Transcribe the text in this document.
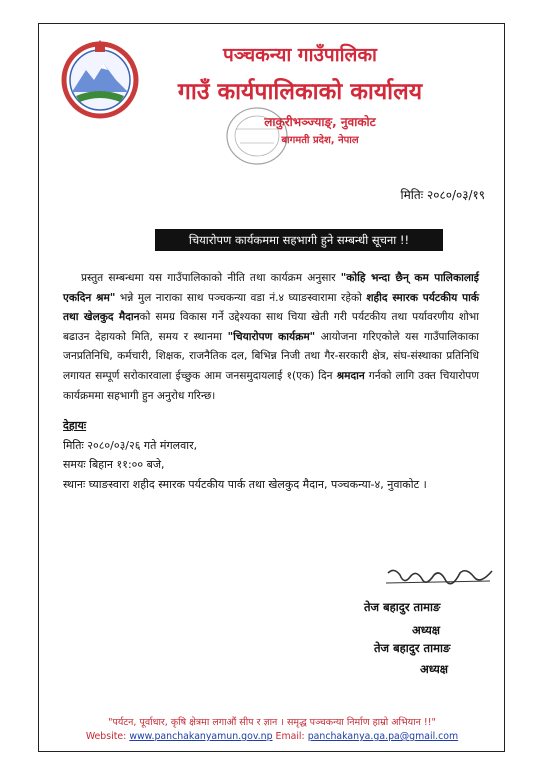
पञ्चकन्या गाउँपालिका
गाउँ कार्यपालिकाको कार्यालय
लाकुरीभञ्ज्याङ्, नुवाकोट
बागमती प्रदेश, नेपाल
मितिः २०८०/०३/१९
चियारोपण कार्यकममा सहभागी हुने सम्बन्धी सूचना !!
प्रस्तुत सम्बन्धमा यस गाउँपालिकाको नीति तथा कार्यक्रम अनुसार "कोहि भन्दा छैन् कम पालिकालाई एकदिन श्रम" भन्ने मुल नाराका साथ पञ्चकन्या वडा नं.४ घ्याङस्वारामा रहेको शहीद स्मारक पर्यटकीय पार्क तथा खेलकुद मैदानको समग्र विकास गर्ने उद्देश्यका साथ चिया खेती गरी पर्यटकीय तथा पर्यावरणीय शोभा बढाउन देहायको मिति, समय र स्थानमा "चियारोपण कार्यक्रम" आयोजना गरिएकोले यस गाउँपालिकाका जनप्रतिनिधि, कर्मचारी, शिक्षक, राजनैतिक दल, बिभिन्न निजी तथा गैर-सरकारी क्षेत्र, संघ-संस्थाका प्रतिनिधि लगायत सम्पूर्ण सरोकारवाला ईच्छुक आम जनसमुदायलाई १(एक) दिन श्रमदान गर्नको लागि उक्त चियारोपण कार्यक्रममा सहभागी हुन अनुरोध गरिन्छ।
देहायः
मितिः २०८०/०३/२६ गते मंगलवार,
समयः बिहान ११:०० बजे,
स्थानः घ्याङस्वारा शहीद स्मारक पर्यटकीय पार्क तथा खेलकुद मैदान, पञ्चकन्या-४, नुवाकोट ।
तेज बहादुर तामाङ
अध्यक्ष
तेज बहादुर तामाङ
अध्यक्ष
"पर्यटन, पूर्वाधार, कृषि क्षेत्रमा लगाऔं सीप र ज्ञान । समृद्ध पञ्चकन्या निर्माण हाम्रो अभियान !!"
Website: www.panchakanyamun.gov.np Email: panchakanya.ga.pa@gmail.com
